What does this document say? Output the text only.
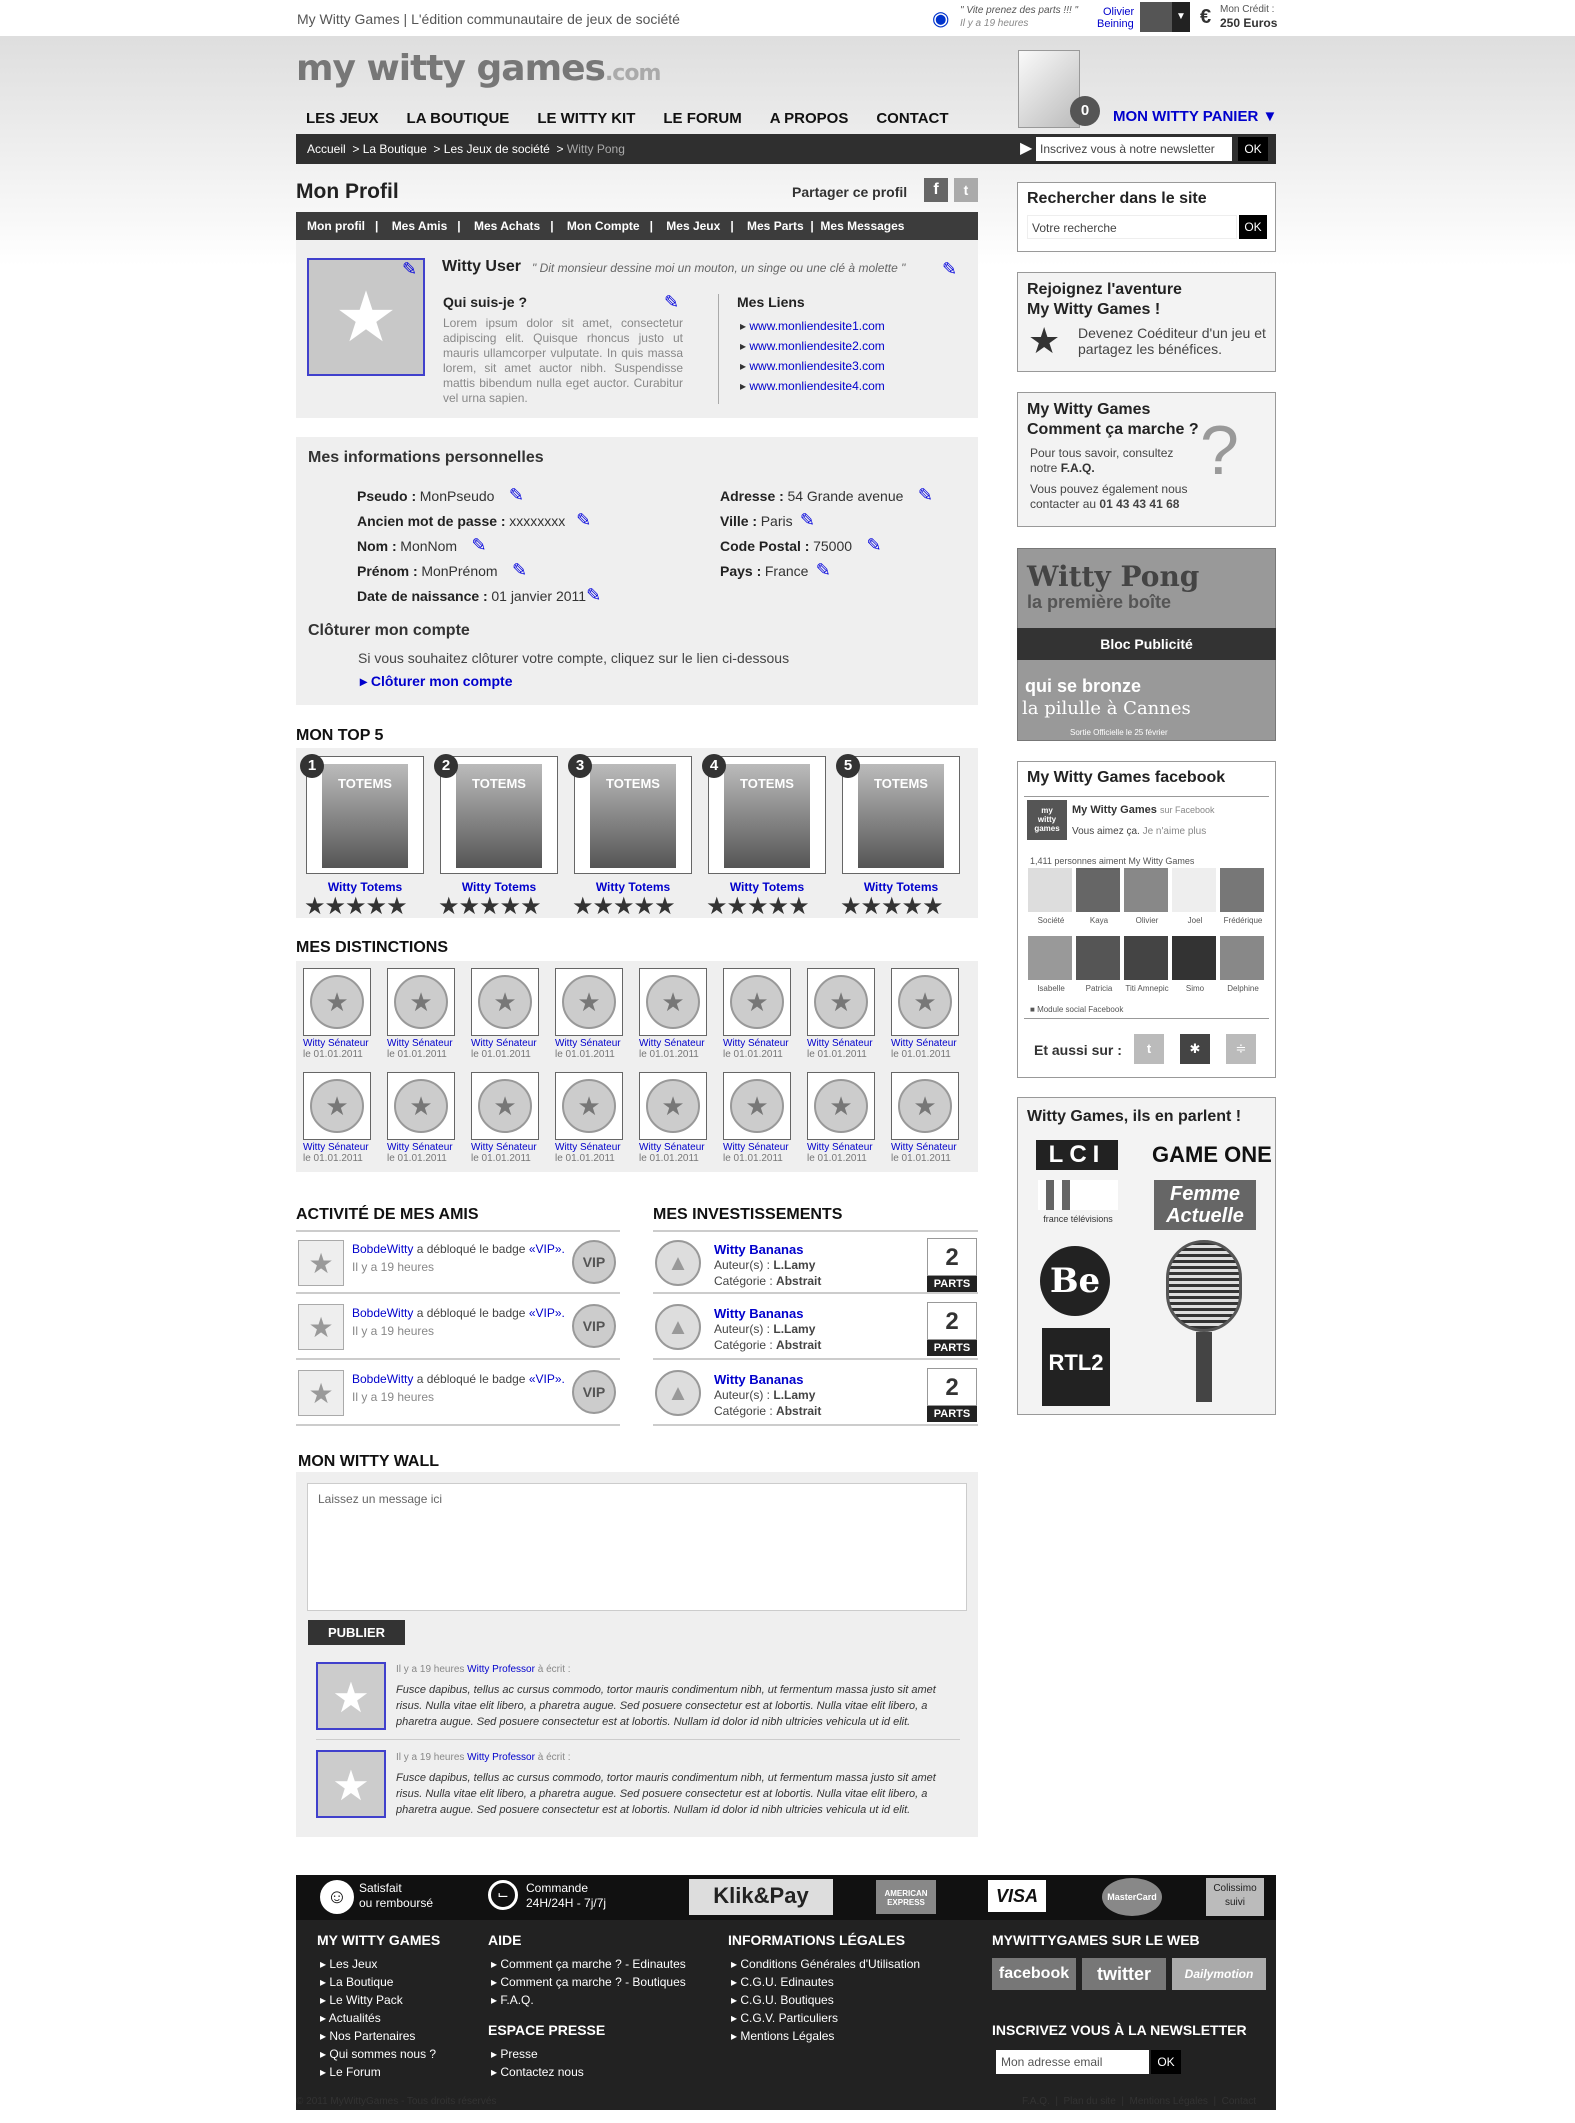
My Witty Games | L'édition communautaire de jeux de société	◉	" Vite prenez des parts !!! "
Il y a 19 heures
Olivier
Beining
▼ € Mon Crédit :
250 Euros
my witty games.com
LES JEUX LA BOUTIQUE LE WITTY KIT LE FORUM A PROPOS CONTACT	0	MON WITTY PANIER ▼
Accueil  > La Boutique  > Les Jeux de société  > Witty Pong	▶ Inscrivez vous à notre newsletter	OK
Mon Profil	Partager ce profil	f	t
Mon profil   |    Mes Amis   |    Mes Achats   |    Mon Compte   |    Mes Jeux   |    Mes Parts  |  Mes Messages
★
✎ Witty User " Dit monsieur dessine moi un mouton, un singe ou une clé à molette " ✎
Qui suis-je ?	✎
Lorem ipsum dolor sit amet, consectetur adipiscing elit. Quisque rhoncus justo ut mauris ullamcorper vulputate. In quis massa lorem, sit amet auctor nibh. Suspendisse mattis bibendum nulla eget auctor. Curabitur vel urna sapien.
Mes Liens
▸ www.monliendesite1.com
▸ www.monliendesite2.com
▸ www.monliendesite3.com
▸ www.monliendesite4.com
Mes informations personnelles
Pseudo : MonPseudo ✎
Ancien mot de passe : xxxxxxxx ✎
Nom : MonNom ✎
Prénom : MonPrénom ✎
Date de naissance : 01 janvier 2011✎
Adresse : 54 Grande avenue ✎
Ville : Paris ✎
Code Postal : 75000 ✎
Pays : France ✎
Clôturer mon compte
Si vous souhaitez clôturer votre compte, cliquez sur le lien ci-dessous
▸ Clôturer mon compte
MON TOP 5
TOTEMS
1
Witty Totems
★★★★★
TOTEMS
2
Witty Totems
★★★★★
TOTEMS
3
Witty Totems
★★★★★
TOTEMS
4
Witty Totems
★★★★★
TOTEMS
5
Witty Totems
★★★★★
MES DISTINCTIONS
★
Witty Sénateur
le 01.01.2011
★
Witty Sénateur
le 01.01.2011
★
Witty Sénateur
le 01.01.2011
★
Witty Sénateur
le 01.01.2011
★
Witty Sénateur
le 01.01.2011
★
Witty Sénateur
le 01.01.2011
★
Witty Sénateur
le 01.01.2011
★
Witty Sénateur
le 01.01.2011
★
Witty Sénateur
le 01.01.2011
★
Witty Sénateur
le 01.01.2011
★
Witty Sénateur
le 01.01.2011
★
Witty Sénateur
le 01.01.2011
★
Witty Sénateur
le 01.01.2011
★
Witty Sénateur
le 01.01.2011
★
Witty Sénateur
le 01.01.2011
★
Witty Sénateur
le 01.01.2011
ACTIVITÉ DE MES AMIS
★	BobdeWitty a débloqué le badge «VIP».
Il y a 19 heures	VIP
★	BobdeWitty a débloqué le badge «VIP».
Il y a 19 heures	VIP
★	BobdeWitty a débloqué le badge «VIP».
Il y a 19 heures	VIP
MES INVESTISSEMENTS
▲
Witty Bananas
Auteur(s) : L.Lamy
Catégorie : Abstrait
2
PARTS
▲
Witty Bananas
Auteur(s) : L.Lamy
Catégorie : Abstrait
2
PARTS
▲
Witty Bananas
Auteur(s) : L.Lamy
Catégorie : Abstrait
2
PARTS
MON WITTY WALL
Laissez un message ici
PUBLIER
★
Il y a 19 heures Witty Professor à écrit :
Fusce dapibus, tellus ac cursus commodo, tortor mauris condimentum nibh, ut fermentum massa justo sit amet risus. Nulla vitae elit libero, a pharetra augue. Sed posuere consectetur est at lobortis. Nulla vitae elit libero, a pharetra augue. Sed posuere consectetur est at lobortis. Nullam id dolor id nibh ultricies vehicula ut id elit.
★
Il y a 19 heures Witty Professor à écrit :
Fusce dapibus, tellus ac cursus commodo, tortor mauris condimentum nibh, ut fermentum massa justo sit amet risus. Nulla vitae elit libero, a pharetra augue. Sed posuere consectetur est at lobortis. Nulla vitae elit libero, a pharetra augue. Sed posuere consectetur est at lobortis. Nullam id dolor id nibh ultricies vehicula ut id elit.
Rechercher dans le site
Votre recherche	OK
Rejoignez l'aventure
My Witty Games !
★ Devenez Coéditeur d'un jeu et partagez les bénéfices.
My Witty Games
Comment ça marche ?
Pour tous savoir, consultez notre F.A.Q.
Vous pouvez également nous contacter au 01 43 43 41 68
?
Witty Pong
la première boîte
Bloc Publicité
qui se bronze
la pilulle à Cannes
Sortie Officielle le 25 février
My Witty Games facebook
my
witty
games
My Witty Games sur Facebook
Vous aimez ça. Je n'aime plus
1,411 personnes aiment My Witty Games
Société	Kaya	Olivier	Joel	Frédérique
Isabelle	Patricia	Titi Amnepic	Simo	Delphine
■ Module social Facebook
Et aussi sur :	t	✱	≑
Witty Games, ils en parlent !
LCI	GAME ONE
france télévisions
Femme Actuelle
Be
RTL2
☺ Satisfait
ou remboursé
⌙	Commande
24H/24H - 7j/7j	Klik&Pay	AMERICAN EXPRESS	VISA	MasterCard
Colissimo suivi
MY WITTY GAMES
▸ Les Jeux
▸ La Boutique
▸ Le Witty Pack
▸ Actualités
▸ Nos Partenaires
▸ Qui sommes nous ?
▸ Le Forum
AIDE
▸ Comment ça marche ? - Edinautes
▸ Comment ça marche ? - Boutiques
▸ F.A.Q.
ESPACE PRESSE
▸ Presse
▸ Contactez nous
INFORMATIONS LÉGALES
▸ Conditions Générales d'Utilisation
▸ C.G.U. Edinautes
▸ C.G.U. Boutiques
▸ C.G.V. Particuliers
▸ Mentions Légales
MYWITTYGAMES SUR LE WEB
facebook	twitter	Dailymotion
INSCRIVEZ VOUS À LA NEWSLETTER
Mon adresse email	OK
© 2011 MyWittyGames - Tous droits réservés	F.A.Q.  |  Plan du site  |  Mentions Légales  |  Contact
